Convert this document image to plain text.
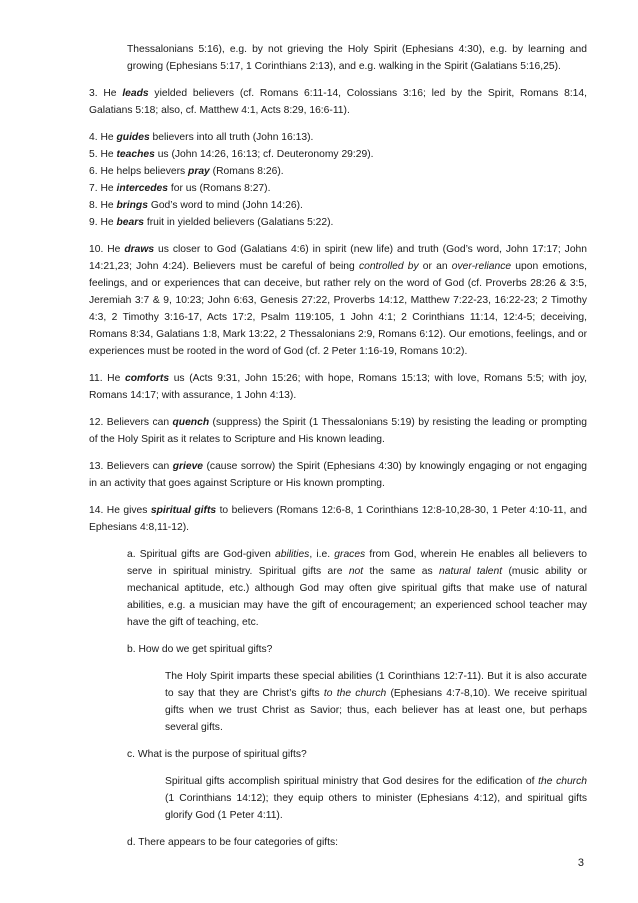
Thessalonians 5:16), e.g. by not grieving the Holy Spirit (Ephesians 4:30), e.g. by learning and growing (Ephesians 5:17, 1 Corinthians 2:13), and e.g. walking in the Spirit (Galatians 5:16,25).

3. He leads yielded believers (cf. Romans 6:11-14, Colossians 3:16; led by the Spirit, Romans 8:14, Galatians 5:18; also, cf. Matthew 4:1, Acts 8:29, 16:6-11).

4. He guides believers into all truth (John 16:13).

5. He teaches us (John 14:26, 16:13; cf. Deuteronomy 29:29).

6. He helps believers pray (Romans 8:26).

7. He intercedes for us (Romans 8:27).

8. He brings God’s word to mind (John 14:26).

9. He bears fruit in yielded believers (Galatians 5:22).

10. He draws us closer to God (Galatians 4:6) in spirit (new life) and truth (God’s word, John 17:17; John 14:21,23; John 4:24). Believers must be careful of being controlled by or an over-reliance upon emotions, feelings, and or experiences that can deceive, but rather rely on the word of God (cf. Proverbs 28:26 & 3:5, Jeremiah 3:7 & 9, 10:23; John 6:63, Genesis 27:22, Proverbs 14:12, Matthew 7:22-23, 16:22-23; 2 Timothy 4:3, 2 Timothy 3:16-17, Acts 17:2, Psalm 119:105, 1 John 4:1; 2 Corinthians 11:14, 12:4-5; deceiving, Romans 8:34, Galatians 1:8, Mark 13:22, 2 Thessalonians 2:9, Romans 6:12). Our emotions, feelings, and or experiences must be rooted in the word of God (cf. 2 Peter 1:16-19, Romans 10:2).

11. He comforts us (Acts 9:31, John 15:26; with hope, Romans 15:13; with love, Romans 5:5; with joy, Romans 14:17; with assurance, 1 John 4:13).

12. Believers can quench (suppress) the Spirit (1 Thessalonians 5:19) by resisting the leading or prompting of the Holy Spirit as it relates to Scripture and His known leading.

13. Believers can grieve (cause sorrow) the Spirit (Ephesians 4:30) by knowingly engaging or not engaging in an activity that goes against Scripture or His known prompting.

14. He gives spiritual gifts to believers (Romans 12:6-8, 1 Corinthians 12:8-10,28-30, 1 Peter 4:10-11, and Ephesians 4:8,11-12).

a. Spiritual gifts are God-given abilities, i.e. graces from God, wherein He enables all believers to serve in spiritual ministry. Spiritual gifts are not the same as natural talent (music ability or mechanical aptitude, etc.) although God may often give spiritual gifts that make use of natural abilities, e.g. a musician may have the gift of encouragement; an experienced school teacher may have the gift of teaching, etc.

b. How do we get spiritual gifts?

The Holy Spirit imparts these special abilities (1 Corinthians 12:7-11). But it is also accurate to say that they are Christ’s gifts to the church (Ephesians 4:7-8,10). We receive spiritual gifts when we trust Christ as Savior; thus, each believer has at least one, but perhaps several gifts.

c. What is the purpose of spiritual gifts?

Spiritual gifts accomplish spiritual ministry that God desires for the edification of the church (1 Corinthians 14:12); they equip others to minister (Ephesians 4:12), and spiritual gifts glorify God (1 Peter 4:11).

d. There appears to be four categories of gifts:

3
